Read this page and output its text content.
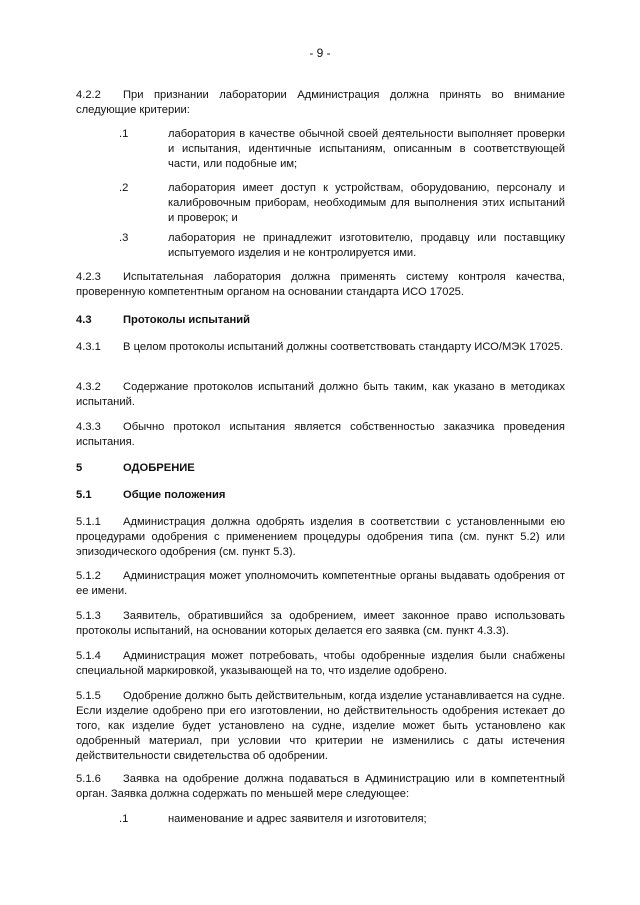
- 9 -
4.2.2 При признании лаборатории Администрация должна принять во внимание следующие критерии:
.1	лаборатория в качестве обычной своей деятельности выполняет проверки и испытания, идентичные испытаниям, описанным в соответствующей части, или подобные им;
.2	лаборатория имеет доступ к устройствам, оборудованию, персоналу и калибровочным приборам, необходимым для выполнения этих испытаний и проверок; и
.3	лаборатория не принадлежит изготовителю, продавцу или поставщику испытуемого изделия и не контролируется ими.
4.2.3 Испытательная лаборатория должна применять систему контроля качества, проверенную компетентным органом на основании стандарта ИСО 17025.
4.3	Протоколы испытаний
4.3.1 В целом протоколы испытаний должны соответствовать стандарту ИСО/МЭК 17025.
4.3.2 Содержание протоколов испытаний должно быть таким, как указано в методиках испытаний.
4.3.3 Обычно протокол испытания является собственностью заказчика проведения испытания.
5	ОДОБРЕНИЕ
5.1	Общие положения
5.1.1 Администрация должна одобрять изделия в соответствии с установленными ею процедурами одобрения с применением процедуры одобрения типа (см. пункт 5.2) или эпизодического одобрения (см. пункт 5.3).
5.1.2 Администрация может уполномочить компетентные органы выдавать одобрения от ее имени.
5.1.3 Заявитель, обратившийся за одобрением, имеет законное право использовать протоколы испытаний, на основании которых делается его заявка (см. пункт 4.3.3).
5.1.4 Администрация может потребовать, чтобы одобренные изделия были снабжены специальной маркировкой, указывающей на то, что изделие одобрено.
5.1.5 Одобрение должно быть действительным, когда изделие устанавливается на судне. Если изделие одобрено при его изготовлении, но действительность одобрения истекает до того, как изделие будет установлено на судне, изделие может быть установлено как одобренный материал, при условии что критерии не изменились с даты истечения действительности свидетельства об одобрении.
5.1.6 Заявка на одобрение должна подаваться в Администрацию или в компетентный орган. Заявка должна содержать по меньшей мере следующее:
.1	наименование и адрес заявителя и изготовителя;
